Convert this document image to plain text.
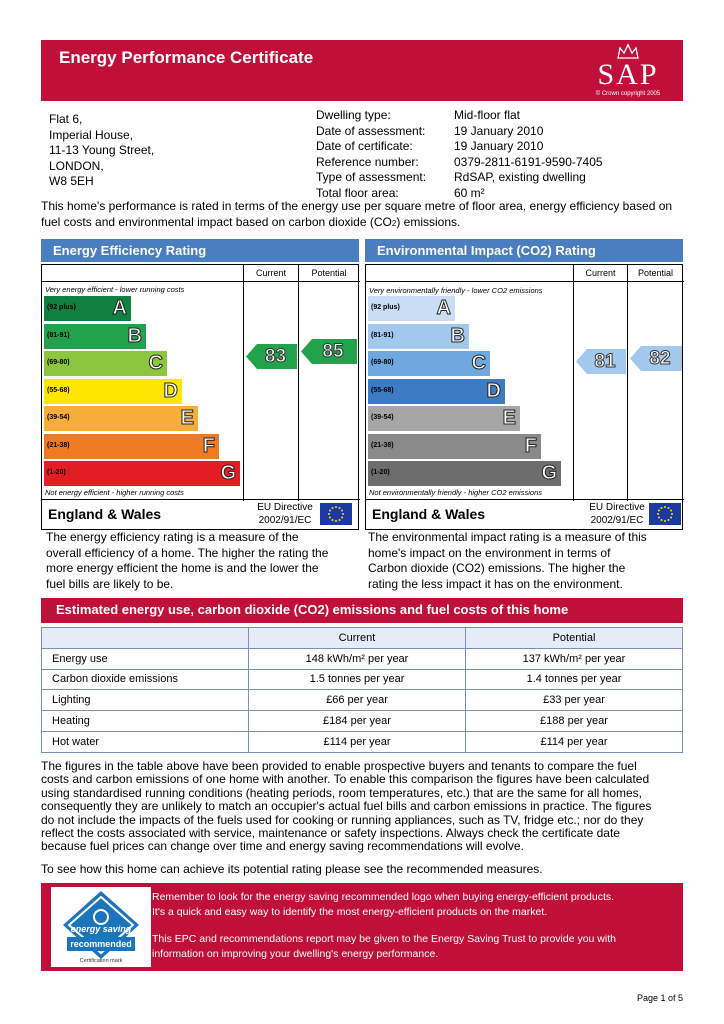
Energy Performance Certificate
SAP
© Crown copyright 2005
Flat 6,
Imperial House,
11-13 Young Street,
LONDON,
W8 5EH
Dwelling type:	Mid-floor flat
Date of assessment:	19 January 2010
Date of certificate:	19 January 2010
Reference number:	0379-2811-6191-9590-7405
Type of assessment:	RdSAP, existing dwelling
Total floor area:	60 m²
This home's performance is rated in terms of the energy use per square metre of floor area, energy efficiency based on fuel costs and environmental impact based on carbon dioxide (CO2) emissions.
Energy Efficiency Rating
Current	Potential
Very energy efficient - lower running costs
Not energy efficient - higher running costs
(92 plus) A
(81-91)	B
(69-80)	C
(55-68)	D
(39-54)	E
(21-38)	F
(1-20)	G
England & Wales	EU Directive
2002/91/EC
83	85
The energy efficiency rating is a measure of the
overall efficiency of a home. The higher the rating the
more energy efficient the home is and the lower the
fuel bills are likely to be.
Environmental Impact (CO2) Rating
Current	Potential
Very environmentally friendly - lower CO2 emissions
Not environmentally friendly - higher CO2 emissions
(92 plus) A
(81-91)	B
(69-80)	C
(55-68)	D
(39-54)	E
(21-38)	F
(1-20)	G
England & Wales	EU Directive
2002/91/EC
81	82
The environmental impact rating is a measure of this
home's impact on the environment in terms of
Carbon dioxide (CO2) emissions. The higher the
rating the less impact it has on the environment.
Estimated energy use, carbon dioxide (CO2) emissions and fuel costs of this home
	Current	Potential
Energy use	148 kWh/m² per year	137 kWh/m² per year
Carbon dioxide emissions	1.5 tonnes per year	1.4 tonnes per year
Lighting	£66 per year	£33 per year
Heating	£184 per year	£188 per year
Hot water	£114 per year	£114 per year
The figures in the table above have been provided to enable prospective buyers and tenants to compare the fuel
costs and carbon emissions of one home with another. To enable this comparison the figures have been calculated
using standardised running conditions (heating periods, room temperatures, etc.) that are the same for all homes,
consequently they are unlikely to match an occupier's actual fuel bills and carbon emissions in practice. The figures
do not include the impacts of the fuels used for cooking or running appliances, such as TV, fridge etc.; nor do they
reflect the costs associated with service, maintenance or safety inspections. Always check the certificate date
because fuel prices can change over time and energy saving recommendations will evolve.
To see how this home can achieve its potential rating please see the recommended measures.
energy saving
recommended
Certification mark
Remember to look for the energy saving recommended logo when buying energy-efficient products.
It's a quick and easy way to identify the most energy-efficient products on the market.
This EPC and recommendations report may be given to the Energy Saving Trust to provide you with
information on improving your dwelling's energy performance.
Page 1 of 5
